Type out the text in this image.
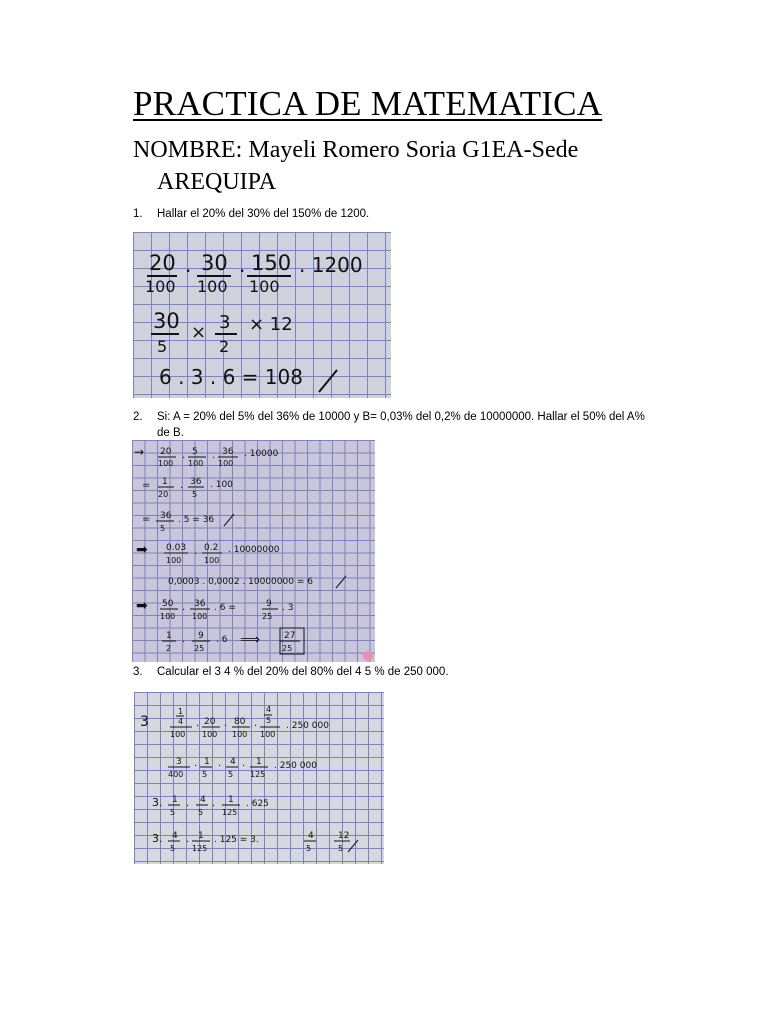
PRACTICA DE MATEMATICA
NOMBRE: Mayeli Romero Soria G1EA-Sede
AREQUIPA
1.	Hallar el 20% del 30% del 150% de 1200.
20
100
. 30
100
. 150
100
. 1200
30
5
× 3
2
× 12
6 . 3 . 6 = 108
2.	Si: A = 20% del 5% del 36% de 10000 y B= 0,03% del 0,2% de 10000000. Hallar el 50% del A% de B.
→ 20
100
. 5
100
. 36
100
. 10000
= 1
20
. 36
5
. 100
= 36
5
. 5 = 36
➡ 0.03
100
. 0.2
100
. 10000000
0,0003 . 0,0002 . 10000000 = 6
➡ 50
100
. 36
100
. 6 =	9
25
. 3
1
2
. 9
25
. 6 ⟹	27
25
3.	Calcular el 3 4 % del 20% del 80% del 4 5 % de 250 000.
3
1
4
100
. 20
100
. 80
100
.
4
5
100
. 250 000
3
400
. 1
5
. 4
5
. 1
125
. 250 000
3. 1
5
. 4
5
. 1
125
. 625
3. 4
5
. 1
125
. 125 = 3.	4
5
12
5
